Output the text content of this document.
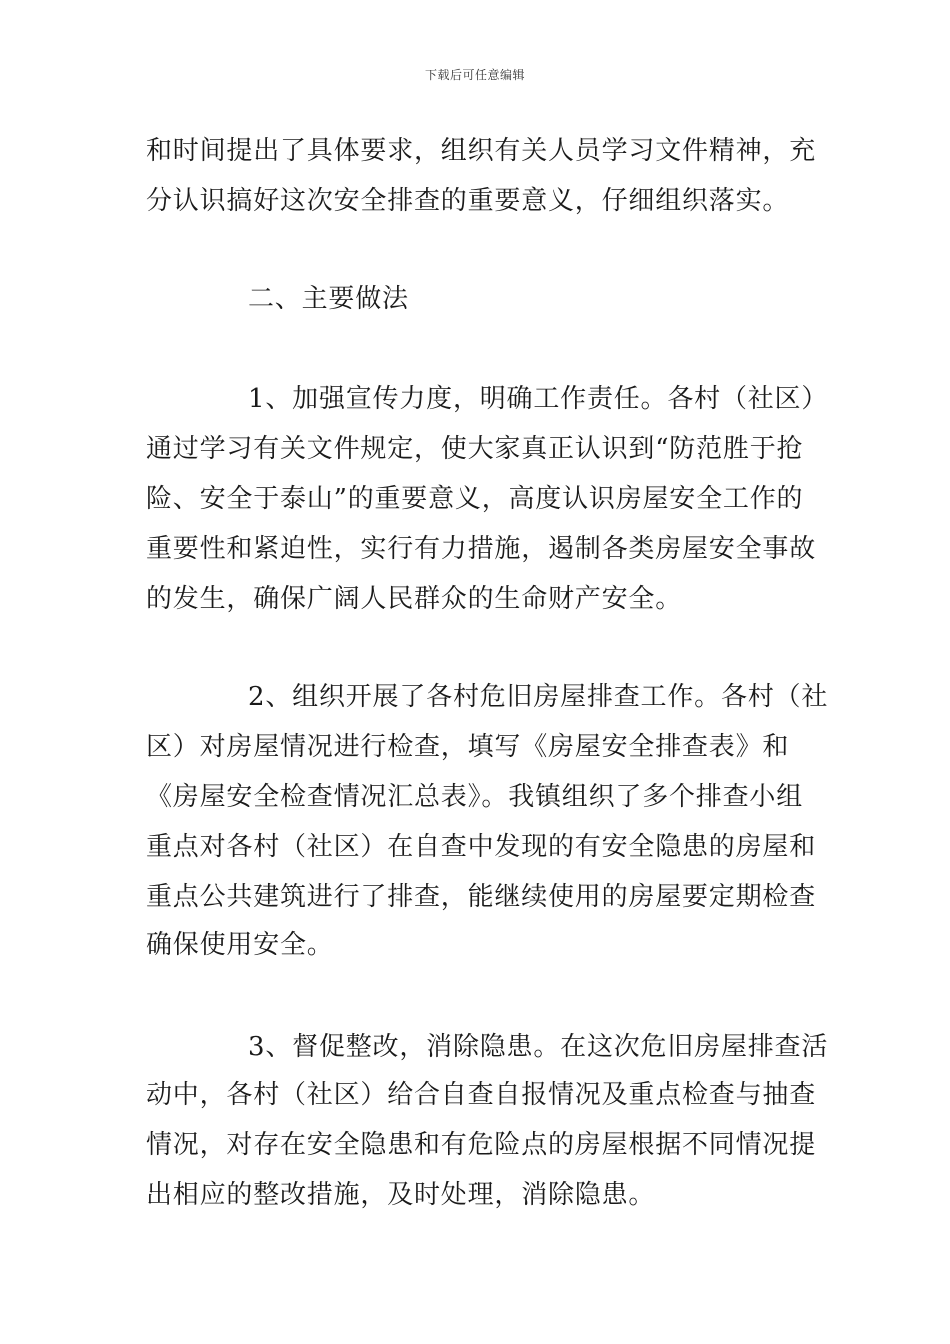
下载后可任意编辑
和时间提出了具体要求，组织有关人员学习文件精神，充
分认识搞好这次安全排查的重要意义，仔细组织落实。
二、主要做法
1、加强宣传力度，明确工作责任。各村（社区）
通过学习有关文件规定，使大家真正认识到“防范胜于抢
险、安全于泰山”的重要意义，高度认识房屋安全工作的
重要性和紧迫性，实行有力措施，遏制各类房屋安全事故
的发生，确保广阔人民群众的生命财产安全。
2、组织开展了各村危旧房屋排查工作。各村（社
区）对房屋情况进行检查，填写《房屋安全排查表》和
《房屋安全检查情况汇总表》。我镇组织了多个排查小组
重点对各村（社区）在自查中发现的有安全隐患的房屋和
重点公共建筑进行了排查，能继续使用的房屋要定期检查
确保使用安全。
3、督促整改，消除隐患。在这次危旧房屋排查活
动中，各村（社区）给合自查自报情况及重点检查与抽查
情况，对存在安全隐患和有危险点的房屋根据不同情况提
出相应的整改措施，及时处理，消除隐患。
